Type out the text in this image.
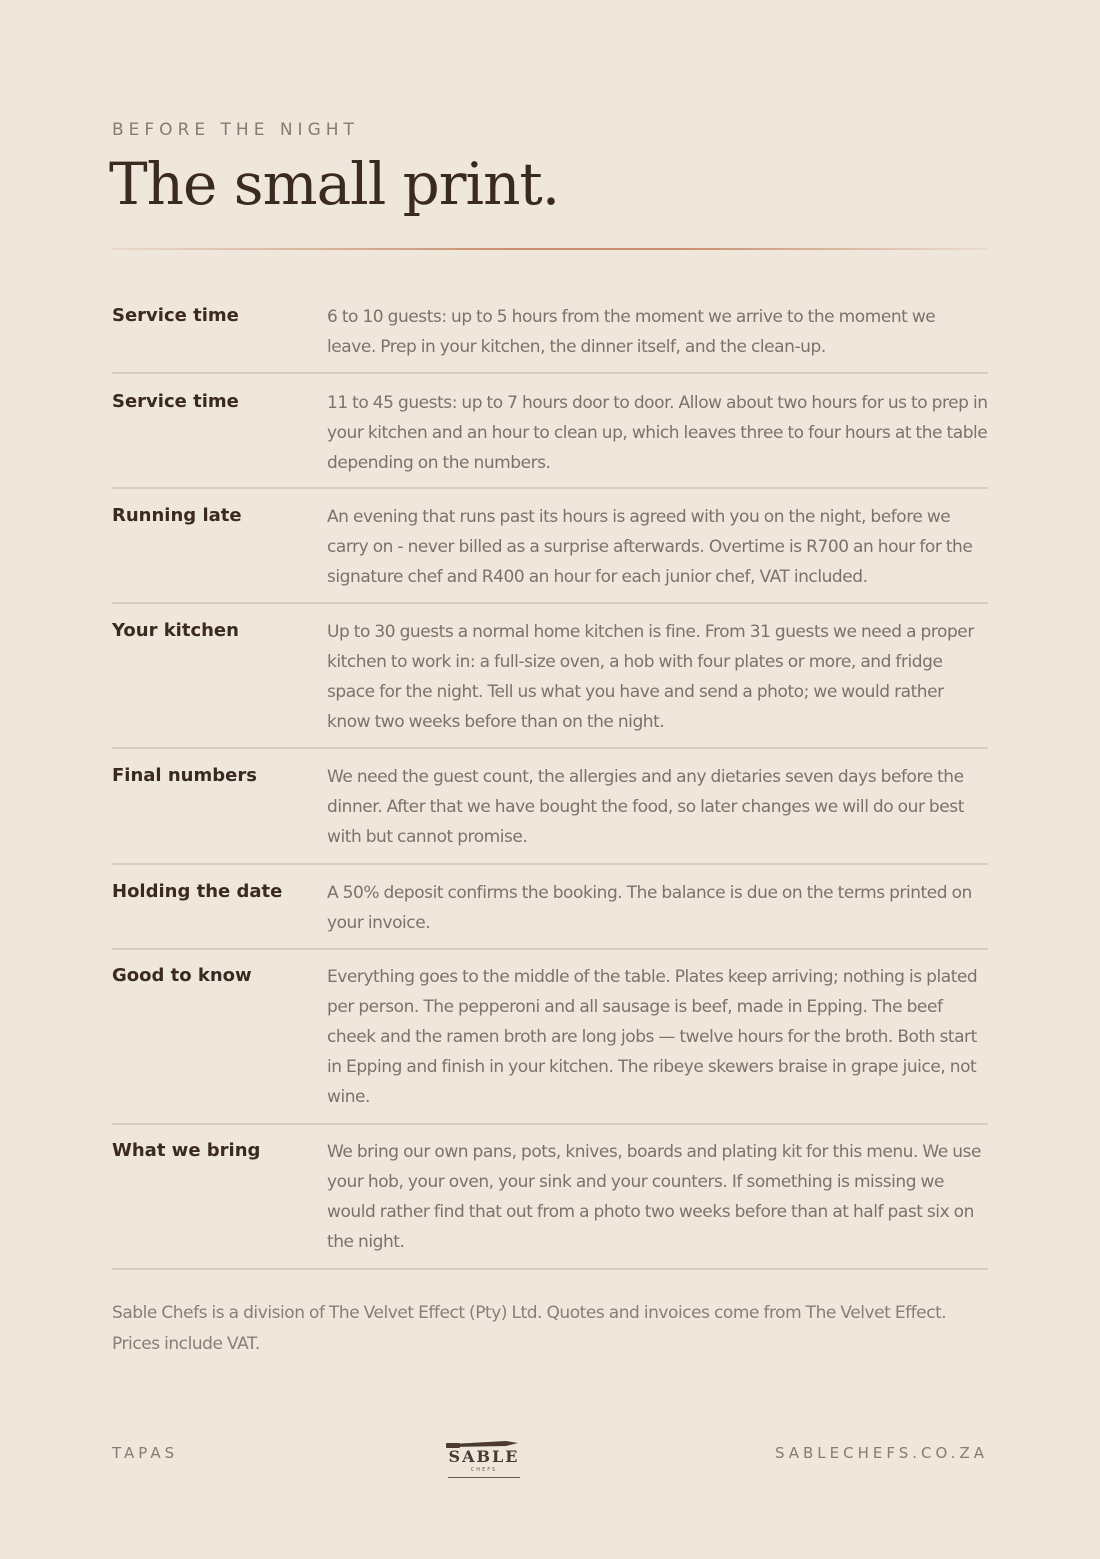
BEFORE THE NIGHT
The small print.
Service time	6 to 10 guests: up to 5 hours from the moment we arrive to the moment we leave. Prep in your kitchen, the dinner itself, and the clean-up.
Service time	11 to 45 guests: up to 7 hours door to door. Allow about two hours for us to prep in your kitchen and an hour to clean up, which leaves three to four hours at the table depending on the numbers.
Running late	An evening that runs past its hours is agreed with you on the night, before we carry on - never billed as a surprise afterwards. Overtime is R700 an hour for the signature chef and R400 an hour for each junior chef, VAT included.
Your kitchen	Up to 30 guests a normal home kitchen is fine. From 31 guests we need a proper kitchen to work in: a full-size oven, a hob with four plates or more, and fridge space for the night. Tell us what you have and send a photo; we would rather know two weeks before than on the night.
Final numbers	We need the guest count, the allergies and any dietaries seven days before the dinner. After that we have bought the food, so later changes we will do our best with but cannot promise.
Holding the date	A 50% deposit confirms the booking. The balance is due on the terms printed on your invoice.
Good to know	Everything goes to the middle of the table. Plates keep arriving; nothing is plated per person. The pepperoni and all sausage is beef, made in Epping. The beef cheek and the ramen broth are long jobs — twelve hours for the broth. Both start in Epping and finish in your kitchen. The ribeye skewers braise in grape juice, not wine.
What we bring	We bring our own pans, pots, knives, boards and plating kit for this menu. We use your hob, your oven, your sink and your counters. If something is missing we would rather find that out from a photo two weeks before than at half past six on the night.
Sable Chefs is a division of The Velvet Effect (Pty) Ltd. Quotes and invoices come from The Velvet Effect. Prices include VAT.
TAPAS	SABLE
CHEFS
SABLECHEFS.CO.ZA
